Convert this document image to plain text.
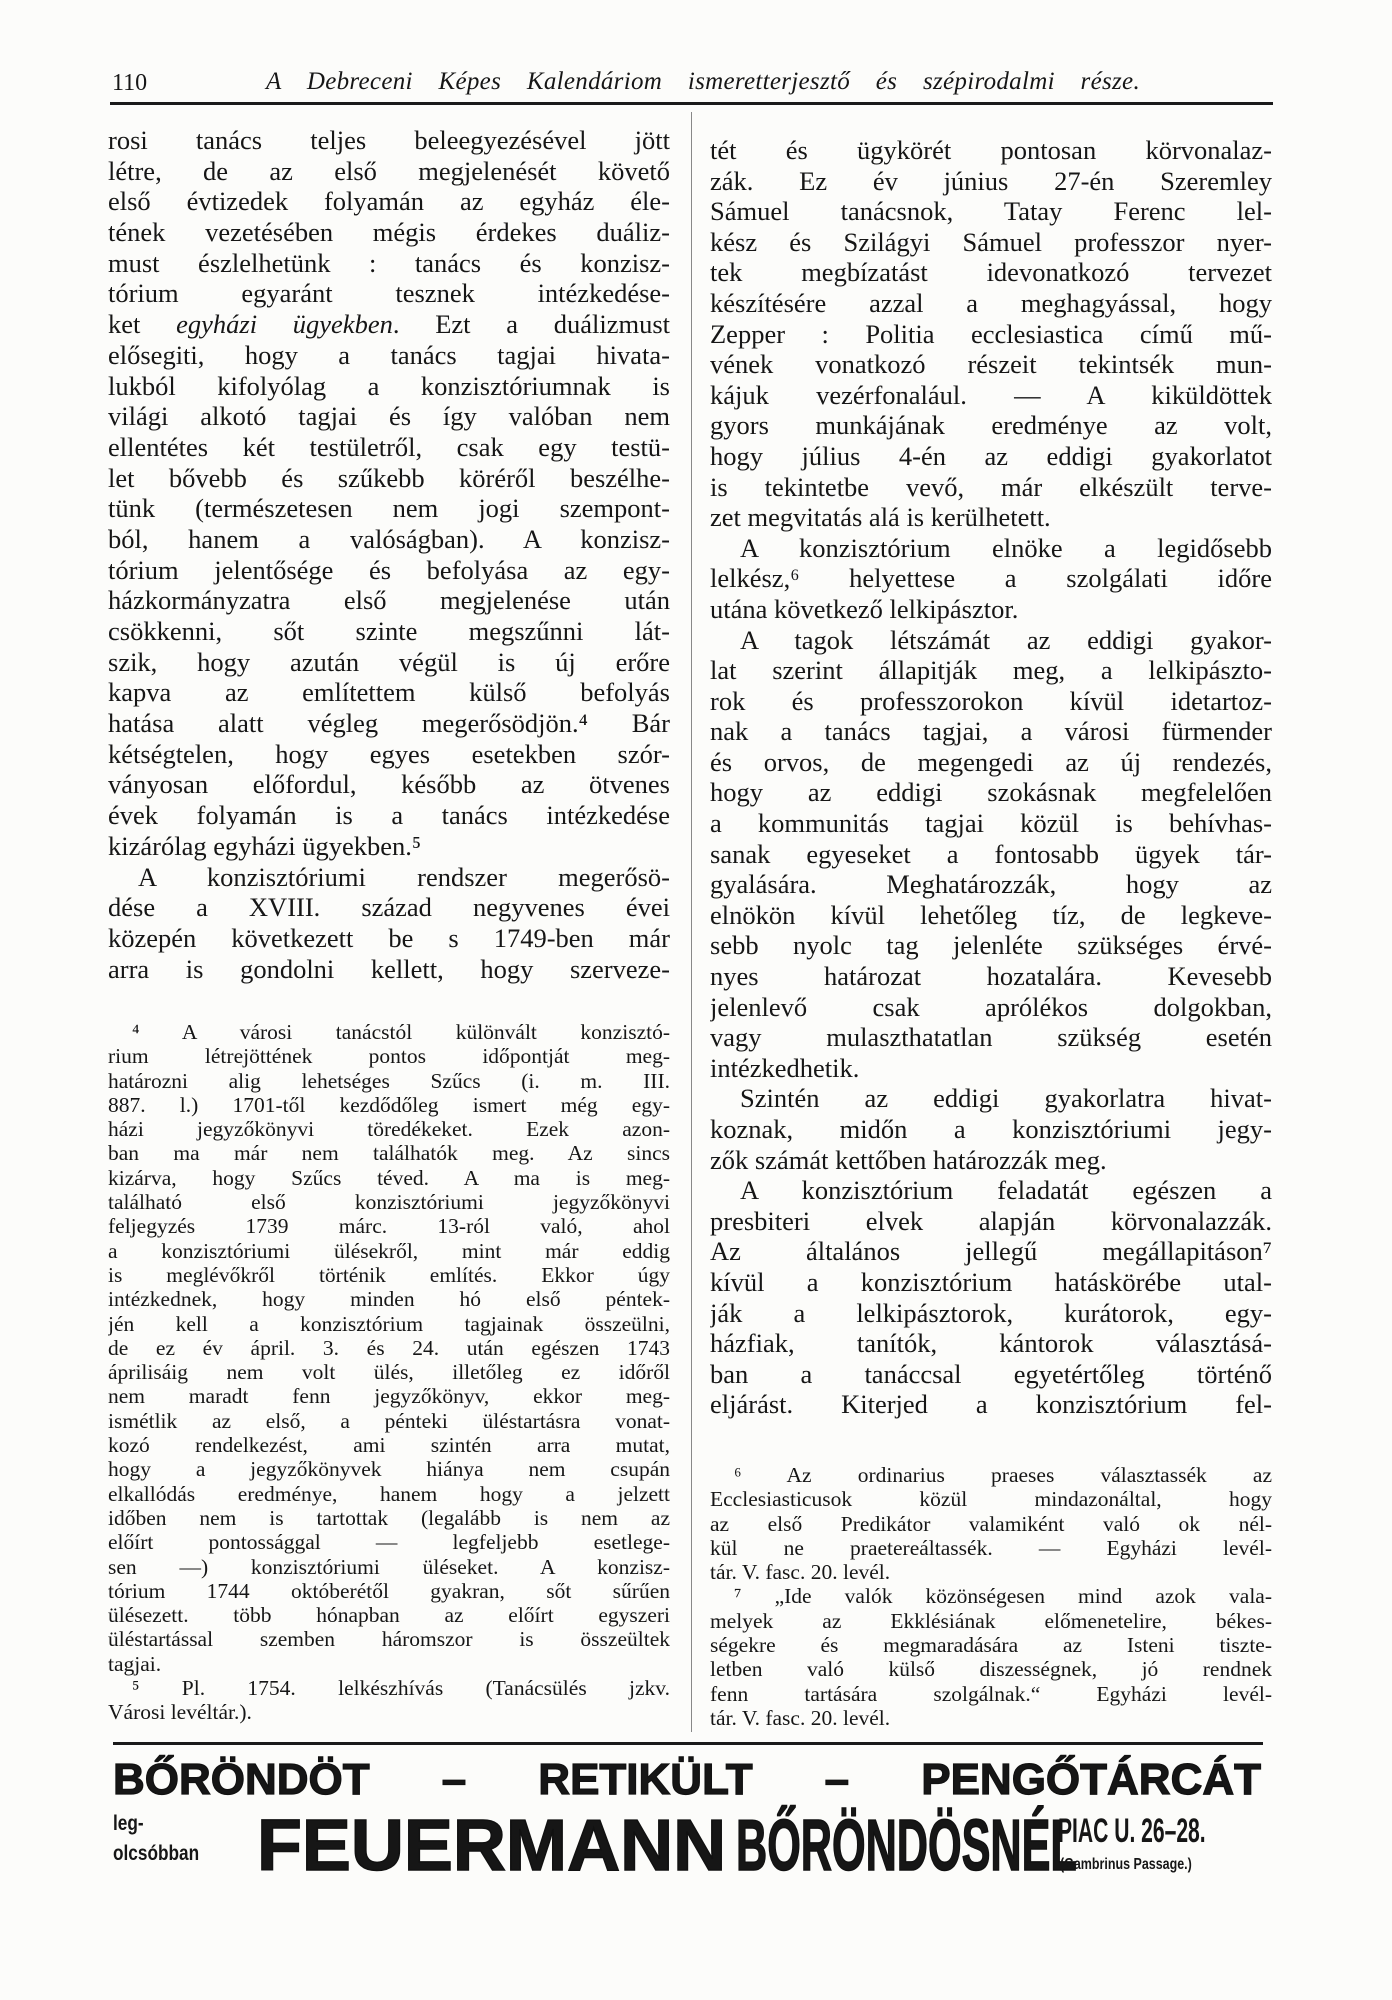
110	A Debreceni Képes Kalendáriom ismeretterjesztő és szépirodalmi része.
rosi tanács teljes beleegyezésével jött
létre, de az első megjelenését követő
első évtizedek folyamán az egyház éle-
tének vezetésében mégis érdekes duáliz-
must észlelhetünk : tanács és konzisz-
tórium egyaránt tesznek intézkedése-
ket egyházi ügyekben. Ezt a duálizmust
elősegiti, hogy a tanács tagjai hivata-
lukból kifolyólag a konzisztóriumnak is
világi alkotó tagjai és így valóban nem
ellentétes két testületről, csak egy testü-
let bővebb és szűkebb köréről beszélhe-
tünk (természetesen nem jogi szempont-
ból, hanem a valóságban). A konzisz-
tórium jelentősége és befolyása az egy-
házkormányzatra első megjelenése után
csökkenni, sőt szinte megszűnni lát-
szik, hogy azután végül is új erőre
kapva az említettem külső befolyás
hatása alatt végleg megerősödjön.⁴ Bár
kétségtelen, hogy egyes esetekben szór-
ványosan előfordul, később az ötvenes
évek folyamán is a tanács intézkedése
kizárólag egyházi ügyekben.⁵
A konzisztóriumi rendszer megerősö-
dése a XVIII. század negyvenes évei
közepén következett be s 1749-ben már
arra is gondolni kellett, hogy szerveze-
⁴ A városi tanácstól különvált konzisztó-
rium létrejöttének pontos időpontját meg-
határozni alig lehetséges Szűcs (i. m. III.
887. l.) 1701-től kezdődőleg ismert még egy-
házi jegyzőkönyvi töredékeket. Ezek azon-
ban ma már nem találhatók meg. Az sincs
kizárva, hogy Szűcs téved. A ma is meg-
található első konzisztóriumi jegyzőkönyvi
feljegyzés 1739 márc. 13-ról való, ahol
a konzisztóriumi ülésekről, mint már eddig
is meglévőkről történik említés. Ekkor úgy
intézkednek, hogy minden hó első péntek-
jén kell a konzisztórium tagjainak összeülni,
de ez év ápril. 3. és 24. után egészen 1743
áprilisáig nem volt ülés, illetőleg ez időről
nem maradt fenn jegyzőkönyv, ekkor meg-
ismétlik az első, a pénteki üléstartásra vonat-
kozó rendelkezést, ami szintén arra mutat,
hogy a jegyzőkönyvek hiánya nem csupán
elkallódás eredménye, hanem hogy a jelzett
időben nem is tartottak (legalább is nem az
előírt pontossággal — legfeljebb esetlege-
sen —) konzisztóriumi üléseket. A konzisz-
tórium 1744 októberétől gyakran, sőt sűrűen
ülésezett. több hónapban az előírt egyszeri
üléstartással szemben háromszor is összeültek
tagjai.
⁵ Pl. 1754. lelkészhívás (Tanácsülés jzkv.
Városi levéltár.).
tét és ügykörét pontosan körvonalaz-
zák. Ez év június 27-én Szeremley
Sámuel tanácsnok, Tatay Ferenc lel-
kész és Szilágyi Sámuel professzor nyer-
tek megbízatást idevonatkozó tervezet
készítésére azzal a meghagyással, hogy
Zepper : Politia ecclesiastica című mű-
vének vonatkozó részeit tekintsék mun-
kájuk vezérfonalául. — A kiküldöttek
gyors munkájának eredménye az volt,
hogy július 4-én az eddigi gyakorlatot
is tekintetbe vevő, már elkészült terve-
zet megvitatás alá is kerülhetett.
A konzisztórium elnöke a legidősebb
lelkész,⁶ helyettese a szolgálati időre
utána következő lelkipásztor.
A tagok létszámát az eddigi gyakor-
lat szerint állapitják meg, a lelkipászto-
rok és professzorokon kívül idetartoz-
nak a tanács tagjai, a városi fürmender
és orvos, de megengedi az új rendezés,
hogy az eddigi szokásnak megfelelően
a kommunitás tagjai közül is behívhas-
sanak egyeseket a fontosabb ügyek tár-
gyalására. Meghatározzák, hogy az
elnökön kívül lehetőleg tíz, de legkeve-
sebb nyolc tag jelenléte szükséges érvé-
nyes határozat hozatalára. Kevesebb
jelenlevő csak aprólékos dolgokban,
vagy mulaszthatatlan szükség esetén
intézkedhetik.
Szintén az eddigi gyakorlatra hivat-
koznak, midőn a konzisztóriumi jegy-
zők számát kettőben határozzák meg.
A konzisztórium feladatát egészen a
presbiteri elvek alapján körvonalazzák.
Az általános jellegű megállapitáson⁷
kívül a konzisztórium hatáskörébe utal-
ják a lelkipásztorok, kurátorok, egy-
házfiak, tanítók, kántorok választásá-
ban a tanáccsal egyetértőleg történő
eljárást. Kiterjed a konzisztórium fel-
⁶ Az ordinarius praeses választassék az
Ecclesiasticusok közül mindazonáltal, hogy
az első Predikátor valamiként való ok nél-
kül ne praetereáltassék. — Egyházi levél-
tár. V. fasc. 20. levél.
⁷ „Ide valók közönségesen mind azok vala-
melyek az Ekklésiának előmenetelire, békes-
ségekre és megmaradására az Isteni tiszte-
letben való külső diszességnek, jó rendnek
fenn tartására szolgálnak.“ Egyházi levél-
tár. V. fasc. 20. levél.
BŐRÖNDÖT – RETIKÜLT – PENGŐTÁRCÁT
leg-
olcsóbban FEUERMANN BŐRÖNDÖSNÉL
PIAC U. 26–28.
(Gambrinus Passage.)
